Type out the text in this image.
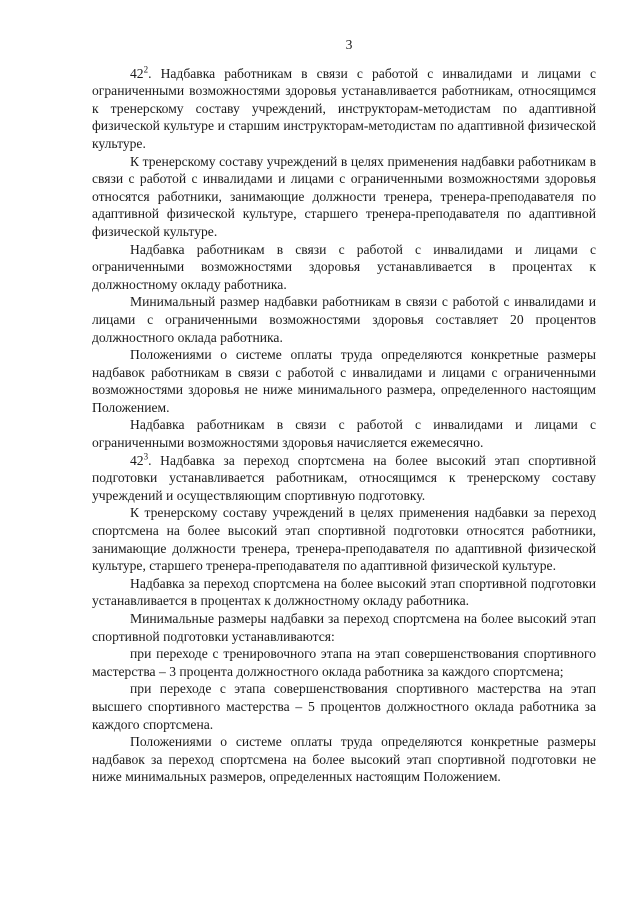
3

$42^2$. Надбавка работникам в связи с работой с инвалидами и лицами с ограниченными возможностями здоровья устанавливается работникам, относящимся к тренерскому составу учреждений, инструкторам-методистам по адаптивной физической культуре и старшим инструкторам-методистам по адаптивной физической культуре.

К тренерскому составу учреждений в целях применения надбавки работникам в связи с работой с инвалидами и лицами с ограниченными возможностями здоровья относятся работники, занимающие должности тренера, тренера-преподавателя по адаптивной физической культуре, старшего тренера-преподавателя по адаптивной физической культуре.

Надбавка работникам в связи с работой с инвалидами и лицами с ограниченными возможностями здоровья устанавливается в процентах к должностному окладу работника.

Минимальный размер надбавки работникам в связи с работой с инвалидами и лицами с ограниченными возможностями здоровья составляет 20 процентов должностного оклада работника.

Положениями о системе оплаты труда определяются конкретные размеры надбавок работникам в связи с работой с инвалидами и лицами с ограниченными возможностями здоровья не ниже минимального размера, определенного настоящим Положением.

Надбавка работникам в связи с работой с инвалидами и лицами с ограниченными возможностями здоровья начисляется ежемесячно.

$42^3$. Надбавка за переход спортсмена на более высокий этап спортивной подготовки устанавливается работникам, относящимся к тренерскому составу учреждений и осуществляющим спортивную подготовку.

К тренерскому составу учреждений в целях применения надбавки за переход спортсмена на более высокий этап спортивной подготовки относятся работники, занимающие должности тренера, тренера-преподавателя по адаптивной физической культуре, старшего тренера-преподавателя по адаптивной физической культуре.

Надбавка за переход спортсмена на более высокий этап спортивной подготовки устанавливается в процентах к должностному окладу работника.

Минимальные размеры надбавки за переход спортсмена на более высокий этап спортивной подготовки устанавливаются:

при переходе с тренировочного этапа на этап совершенствования спортивного мастерства – 3 процента должностного оклада работника за каждого спортсмена;

при переходе с этапа совершенствования спортивного мастерства на этап высшего спортивного мастерства – 5 процентов должностного оклада работника за каждого спортсмена.

Положениями о системе оплаты труда определяются конкретные размеры надбавок за переход спортсмена на более высокий этап спортивной подготовки не ниже минимальных размеров, определенных настоящим Положением.
